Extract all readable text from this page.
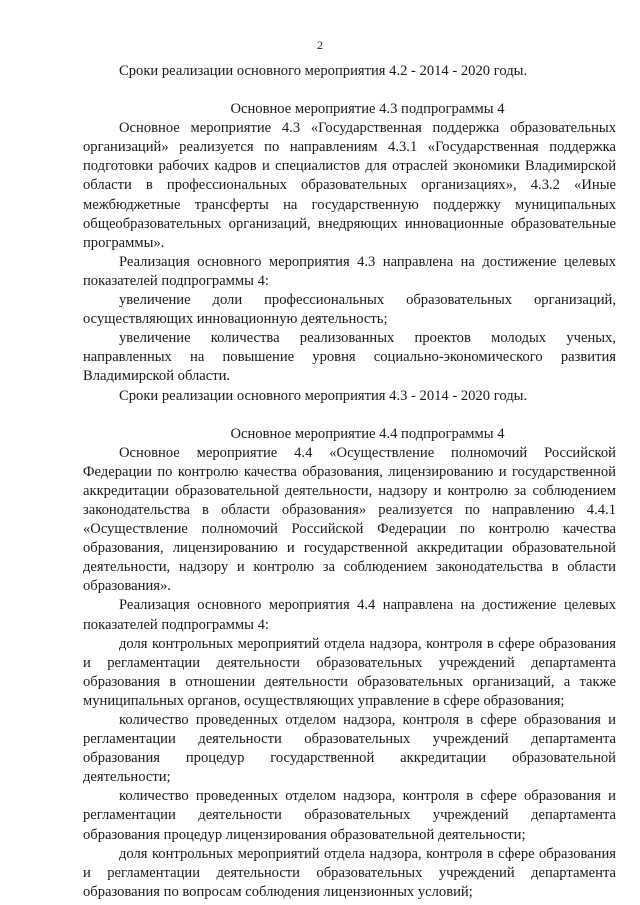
2

Сроки реализации основного мероприятия 4.2 - 2014 - 2020 годы.

Основное мероприятие 4.3 подпрограммы 4

Основное мероприятие 4.3 «Государственная поддержка образовательных организаций» реализуется по направлениям 4.3.1 «Государственная поддержка подготовки рабочих кадров и специалистов для отраслей экономики Владимирской области в профессиональных образовательных организациях», 4.3.2 «Иные межбюджетные трансферты на государственную поддержку муниципальных общеобразовательных организаций, внедряющих инновационные образовательные программы».

Реализация основного мероприятия 4.3 направлена на достижение целевых показателей подпрограммы 4:

увеличение доли профессиональных образовательных организаций, осуществляющих инновационную деятельность;

увеличение количества реализованных проектов молодых ученых, направленных на повышение уровня социально-экономического развития Владимирской области.

Сроки реализации основного мероприятия 4.3 - 2014 - 2020 годы.

Основное мероприятие 4.4 подпрограммы 4

Основное мероприятие 4.4 «Осуществление полномочий Российской Федерации по контролю качества образования, лицензированию и государственной аккредитации образовательной деятельности, надзору и контролю за соблюдением законодательства в области образования» реализуется по направлению 4.4.1 «Осуществление полномочий Российской Федерации по контролю качества образования, лицензированию и государственной аккредитации образовательной деятельности, надзору и контролю за соблюдением законодательства в области образования».

Реализация основного мероприятия 4.4 направлена на достижение целевых показателей подпрограммы 4:

доля контрольных мероприятий отдела надзора, контроля в сфере образования и регламентации деятельности образовательных учреждений департамента образования в отношении деятельности образовательных организаций, а также муниципальных органов, осуществляющих управление в сфере образования;

количество проведенных отделом надзора, контроля в сфере образования и регламентации деятельности образовательных учреждений департамента образования процедур государственной аккредитации образовательной деятельности;

количество проведенных отделом надзора, контроля в сфере образования и регламентации деятельности образовательных учреждений департамента образования процедур лицензирования образовательной деятельности;

доля контрольных мероприятий отдела надзора, контроля в сфере образования и регламентации деятельности образовательных учреждений департамента образования по вопросам соблюдения лицензионных условий;
